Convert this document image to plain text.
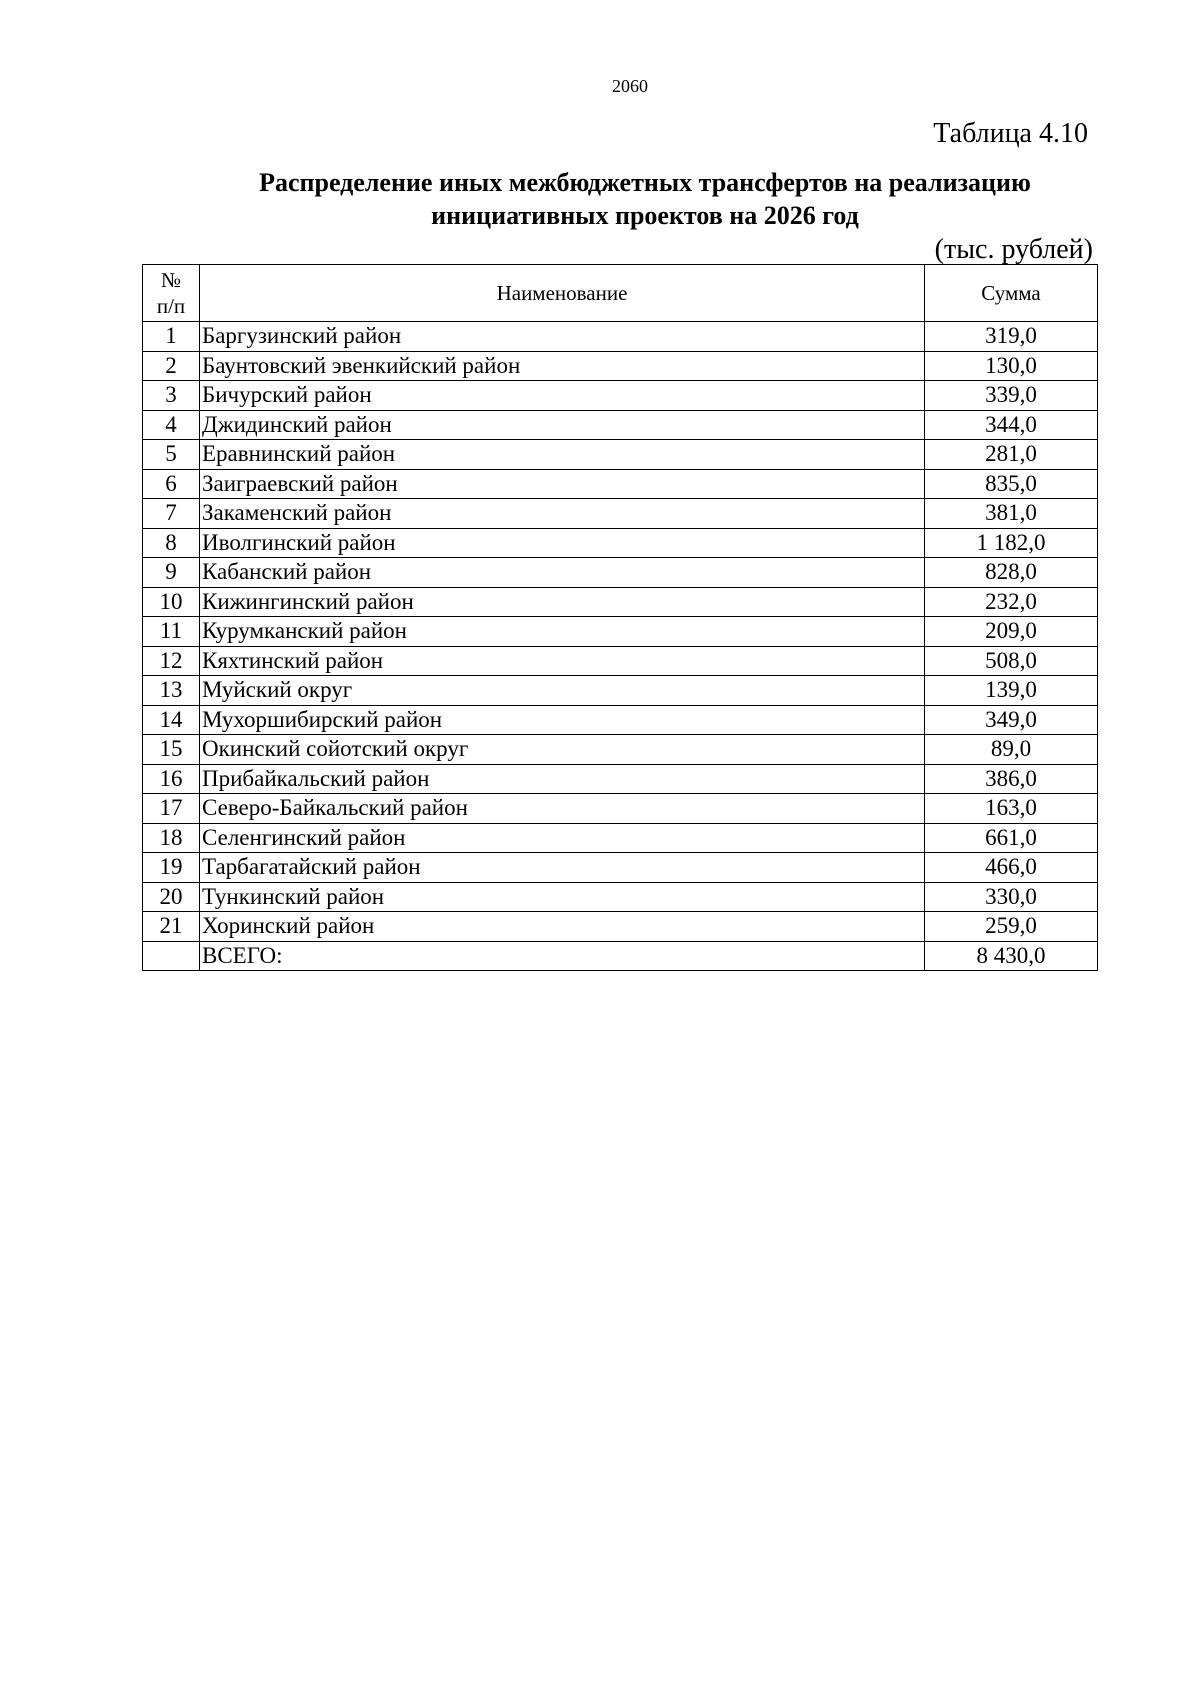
2060
Таблица 4.10
Распределение иных межбюджетных трансфертов на реализацию
инициативных проектов на 2026 год
(тыс. рублей)
№ п/п	Наименование	Сумма
1	Баргузинский район	319,0
2	Баунтовский эвенкийский район	130,0
3	Бичурский район	339,0
4	Джидинский район	344,0
5	Еравнинский район	281,0
6	Заиграевский район	835,0
7	Закаменский район	381,0
8	Иволгинский район	1 182,0
9	Кабанский район	828,0
10	Кижингинский район	232,0
11	Курумканский район	209,0
12	Кяхтинский район	508,0
13	Муйский округ	139,0
14	Мухоршибирский район	349,0
15	Окинский сойотский округ	89,0
16	Прибайкальский район	386,0
17	Северо-Байкальский район	163,0
18	Селенгинский район	661,0
19	Тарбагатайский район	466,0
20	Тункинский район	330,0
21	Хоринский район	259,0
	ВСЕГО:	8 430,0
